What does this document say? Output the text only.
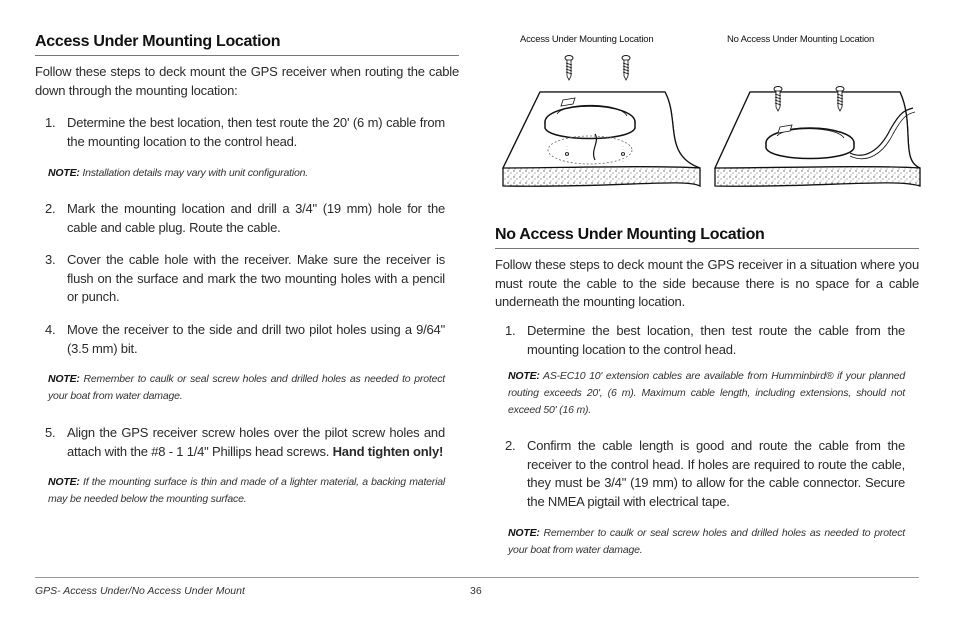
Access Under Mounting Location
Follow these steps to deck mount the GPS receiver when routing the cable down through the mounting location:
1. Determine the best location, then test route the 20' (6 m) cable from the mounting location to the control head.
NOTE: Installation details may vary with unit configuration.
2. Mark the mounting location and drill a 3/4" (19 mm) hole for the cable and cable plug. Route the cable.
3. Cover the cable hole with the receiver. Make sure the receiver is flush on the surface and mark the two mounting holes with a pencil or punch.
4. Move the receiver to the side and drill two pilot holes using a 9/64" (3.5 mm) bit.
NOTE: Remember to caulk or seal screw holes and drilled holes as needed to protect your boat from water damage.
5. Align the GPS receiver screw holes over the pilot screw holes and attach with the #8 - 1 1/4" Phillips head screws. Hand tighten only!
NOTE: If the mounting surface is thin and made of a lighter material, a backing material may be needed below the mounting surface.
Access Under Mounting Location	No Access Under Mounting Location
No Access Under Mounting Location
Follow these steps to deck mount the GPS receiver in a situation where you must route the cable to the side because there is no space for a cable underneath the mounting location.
1. Determine the best location, then test route the cable from the mounting location to the control head.
NOTE: AS-EC10 10' extension cables are available from Humminbird® if your planned routing exceeds 20', (6 m). Maximum cable length, including extensions, should not exceed 50' (16 m).
2. Confirm the cable length is good and route the cable from the receiver to the control head. If holes are required to route the cable, they must be 3/4" (19 mm) to allow for the cable connector. Secure the NMEA pigtail with electrical tape.
NOTE: Remember to caulk or seal screw holes and drilled holes as needed to protect your boat from water damage.
GPS- Access Under/No Access Under Mount	36
